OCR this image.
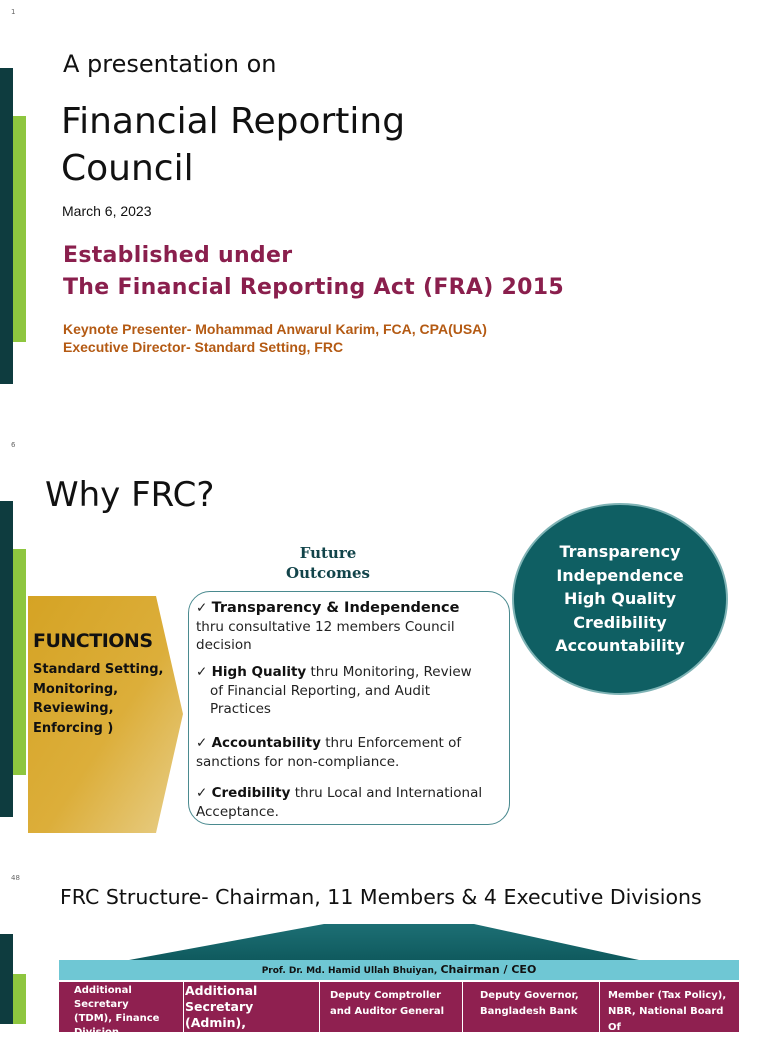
1
A presentation on
Financial Reporting
Council
March 6, 2023
Established under
The Financial Reporting Act (FRA) 2015
Keynote Presenter- Mohammad Anwarul Karim, FCA, CPA(USA)
Executive Director- Standard Setting, FRC
6
Why FRC?
Transparency
Independence
High Quality
Credibility
Accountability
Future
Outcomes
FUNCTIONS
Standard Setting,
Monitoring,
Reviewing,
Enforcing )
✓ Transparency & Independence
thru consultative 12 members Council
decision
✓ High Quality thru Monitoring, Review
of Financial Reporting, and Audit
Practices
✓ Accountability thru Enforcement of
sanctions for non-compliance.
✓ Credibility thru Local and International
Acceptance.
48
FRC Structure- Chairman, 11 Members & 4 Executive Divisions
Prof. Dr. Md. Hamid Ullah Bhuiyan, Chairman / CEO
Additional Secretary
(TDM), Finance
Division
Additional Secretary
(Admin),
Deputy Comptroller
and Auditor General
Deputy Governor,
Bangladesh Bank
Member (Tax Policy),
NBR, National Board Of
